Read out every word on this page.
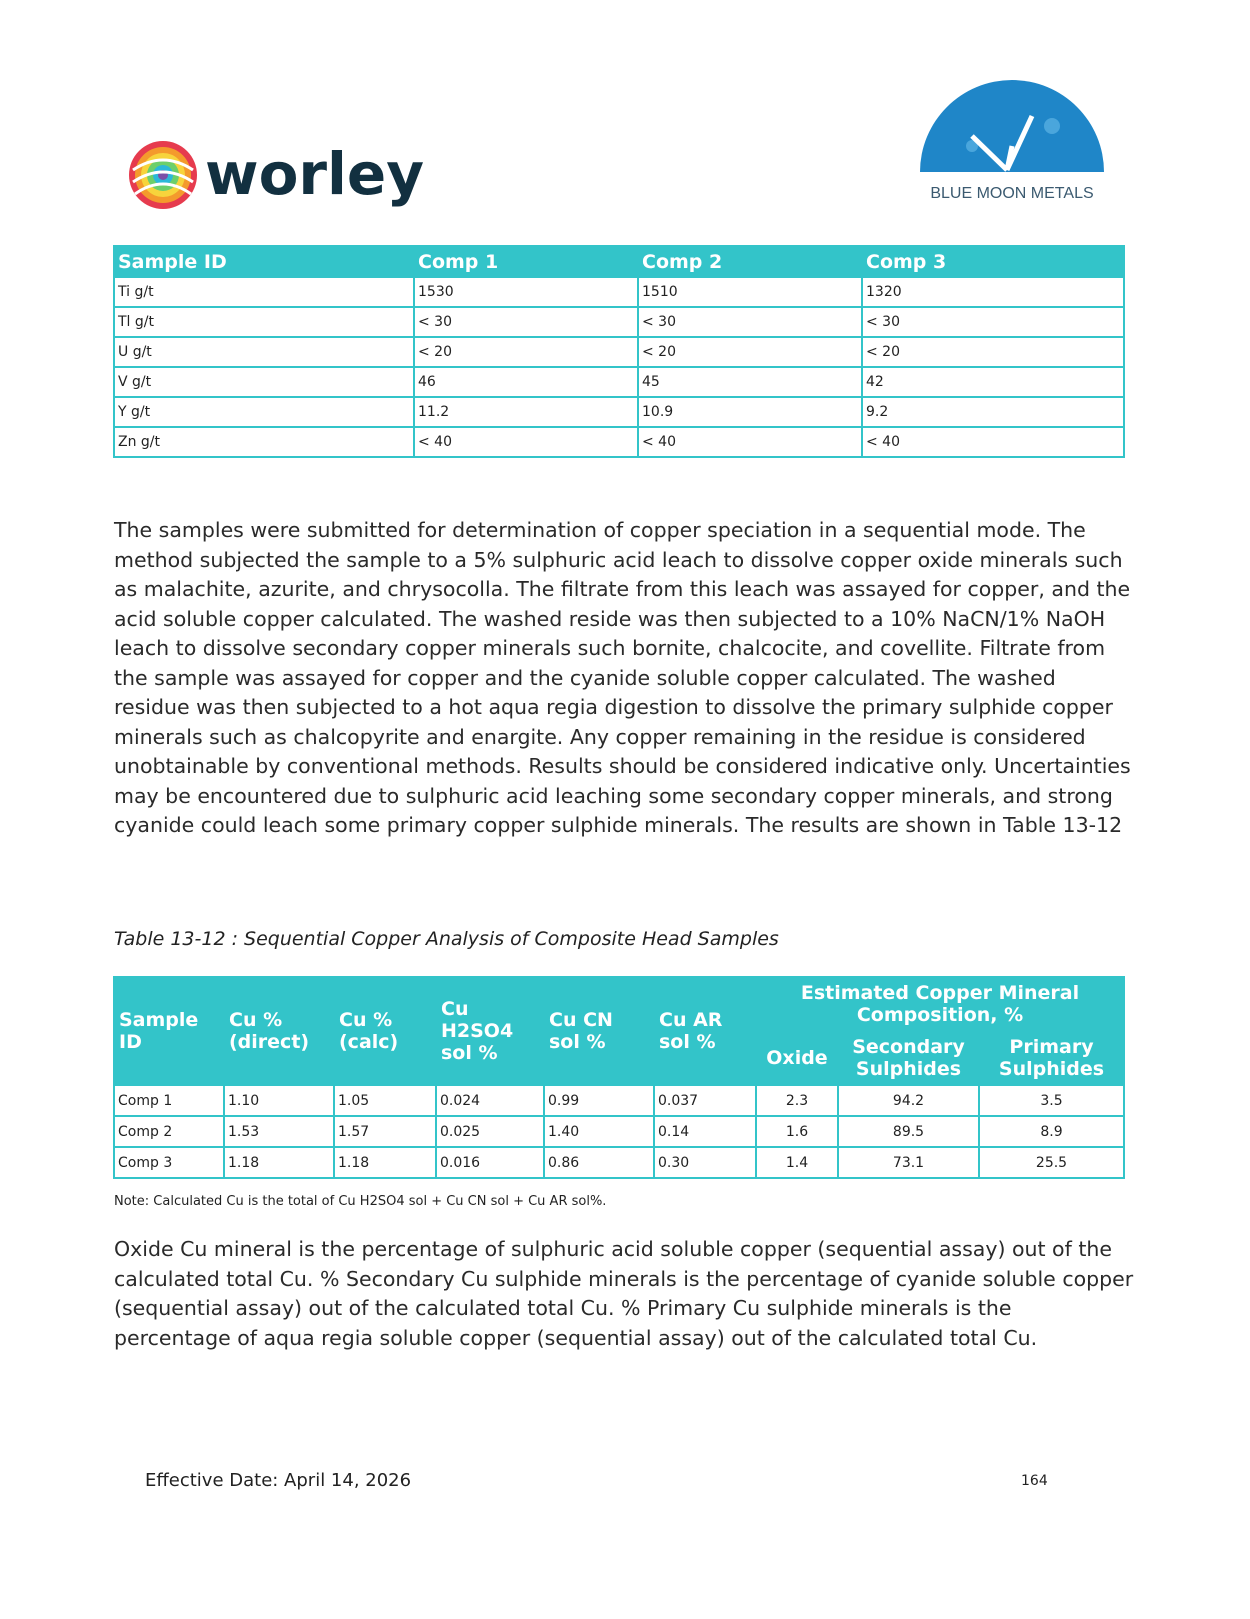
worley	BLUE MOON METALS
Sample ID	Comp 1	Comp 2	Comp 3
Ti g/t	1530	1510	1320
Tl g/t	< 30	< 30	< 30
U g/t	< 20	< 20	< 20
V g/t	46	45	42
Y g/t	11.2	10.9	9.2
Zn g/t	< 40	< 40	< 40

The samples were submitted for determination of copper speciation in a sequential mode. The method subjected the sample to a 5% sulphuric acid leach to dissolve copper oxide minerals such as malachite, azurite, and chrysocolla. The filtrate from this leach was assayed for copper, and the acid soluble copper calculated. The washed reside was then subjected to a 10% NaCN/1% NaOH leach to dissolve secondary copper minerals such bornite, chalcocite, and covellite. Filtrate from the sample was assayed for copper and the cyanide soluble copper calculated. The washed residue was then subjected to a hot aqua regia digestion to dissolve the primary sulphide copper minerals such as chalcopyrite and enargite. Any copper remaining in the residue is considered unobtainable by conventional methods. Results should be considered indicative only. Uncertainties may be encountered due to sulphuric acid leaching some secondary copper minerals, and strong cyanide could leach some primary copper sulphide minerals. The results are shown in Table 13-12

Table 13-12 : Sequential Copper Analysis of Composite Head Samples

Sample ID	Cu % (direct)	Cu % (calc)	Cu H2SO4 sol %	Cu CN sol %	Cu AR sol %	Estimated Copper Mineral Composition, %		
						Oxide	Secondary Sulphides	Primary Sulphides
Comp 1	1.10	1.05	0.024	0.99	0.037	2.3	94.2	3.5
Comp 2	1.53	1.57	0.025	1.40	0.14	1.6	89.5	8.9
Comp 3	1.18	1.18	0.016	0.86	0.30	1.4	73.1	25.5

Note: Calculated Cu is the total of Cu H2SO4 sol + Cu CN sol + Cu AR sol%.

Oxide Cu mineral is the percentage of sulphuric acid soluble copper (sequential assay) out of the calculated total Cu. % Secondary Cu sulphide minerals is the percentage of cyanide soluble copper (sequential assay) out of the calculated total Cu. % Primary Cu sulphide minerals is the percentage of aqua regia soluble copper (sequential assay) out of the calculated total Cu.

Effective Date: April 14, 2026	164
